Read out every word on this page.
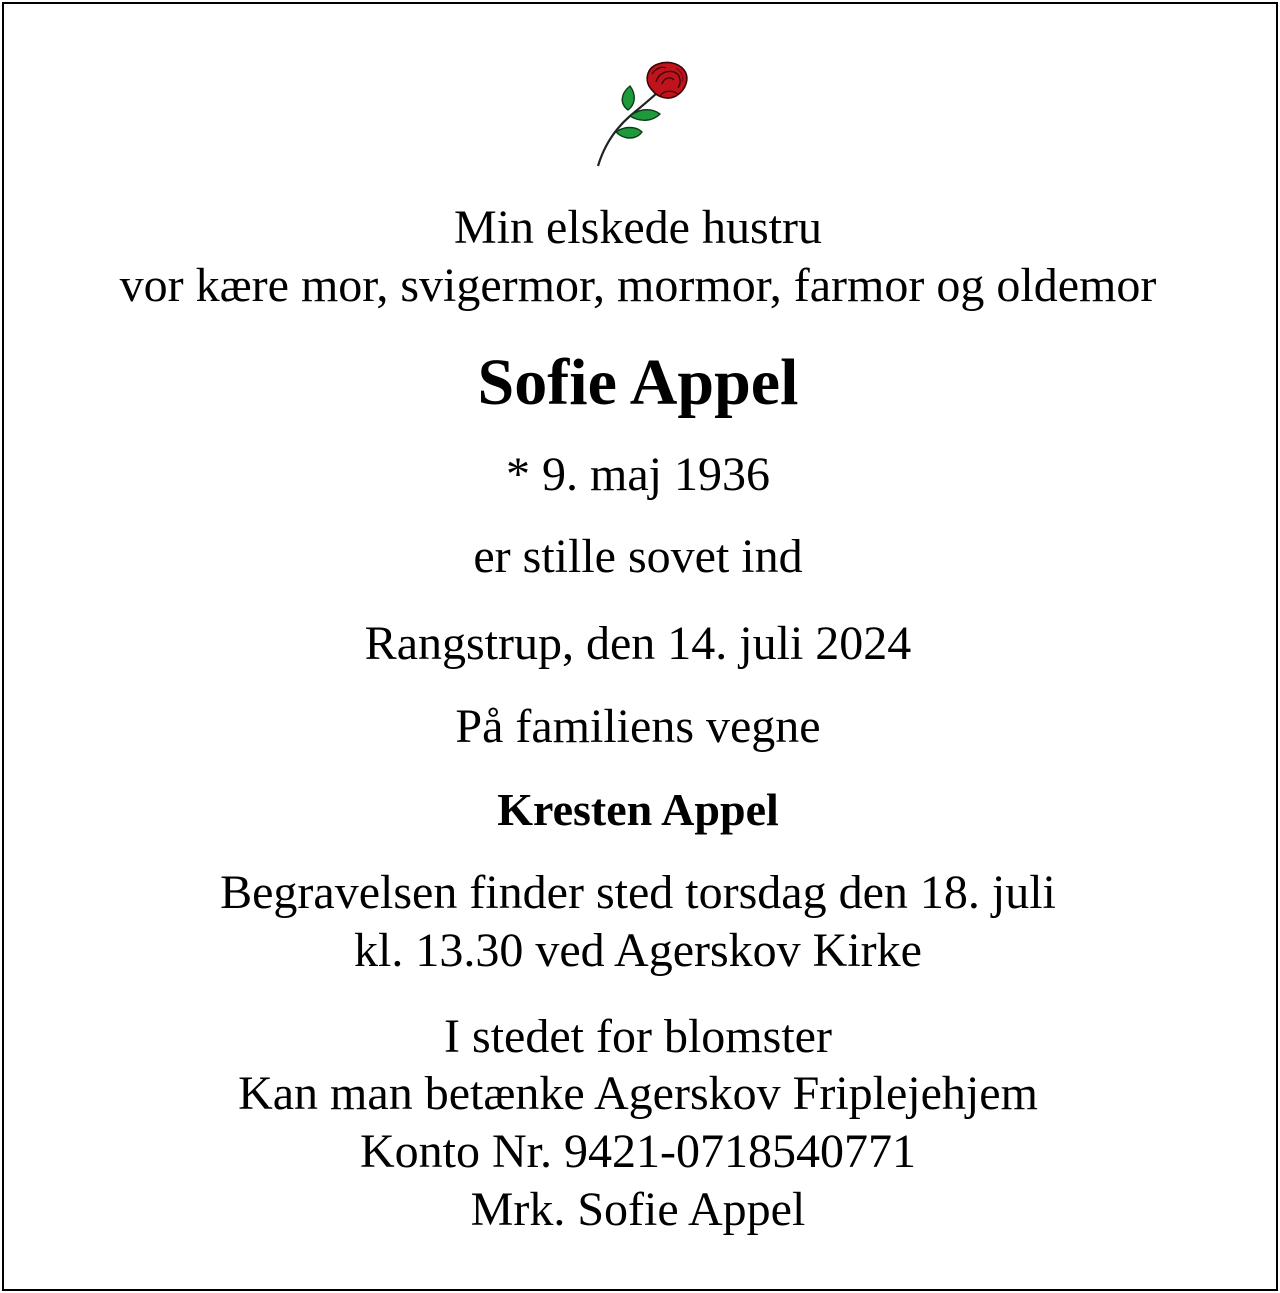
Min elskede hustru
vor kære mor, svigermor, mormor, farmor og oldemor
Sofie Appel
* 9. maj 1936
er stille sovet ind
Rangstrup, den 14. juli 2024
På familiens vegne
Kresten Appel
Begravelsen finder sted torsdag den 18. juli
kl. 13.30 ved Agerskov Kirke
I stedet for blomster
Kan man betænke Agerskov Friplejehjem
Konto Nr. 9421-0718540771
Mrk. Sofie Appel
